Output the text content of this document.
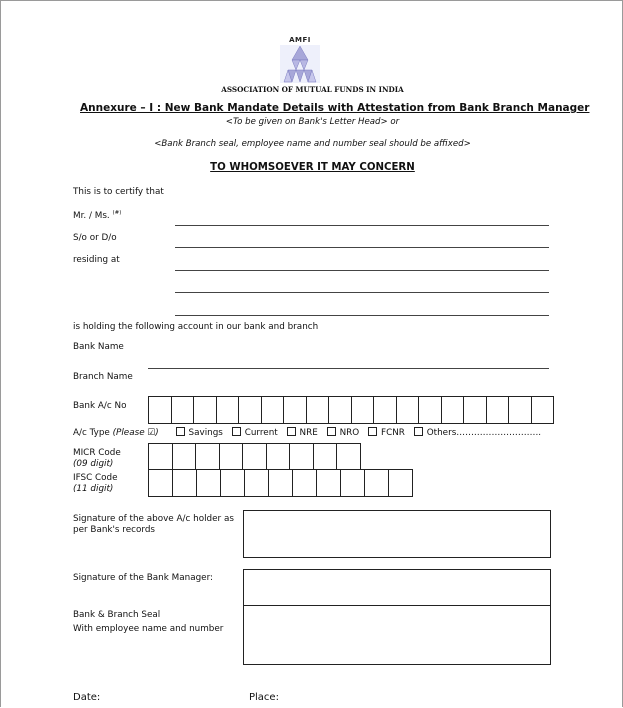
AMFI
ASSOCIATION OF MUTUAL FUNDS IN INDIA
Annexure – I : New Bank Mandate Details with Attestation from Bank Branch Manager
<To be given on Bank's Letter Head> or
<Bank Branch seal, employee name and number seal should be affixed>
TO WHOMSOEVER IT MAY CONCERN
This is to certify that
Mr. / Ms. (#)
S/o or D/o
residing at
is holding the following account in our bank and branch
Bank Name
Branch Name
Bank A/c No
A/c Type (Please ☑)	Savings Current NRE NRO FCNR Others………………………..
MICR Code
(09 digit)
IFSC Code
(11 digit)
Signature of the above A/c holder as
per Bank's records
Signature of the Bank Manager:
Bank & Branch Seal
With employee name and number
Date:	Place:
